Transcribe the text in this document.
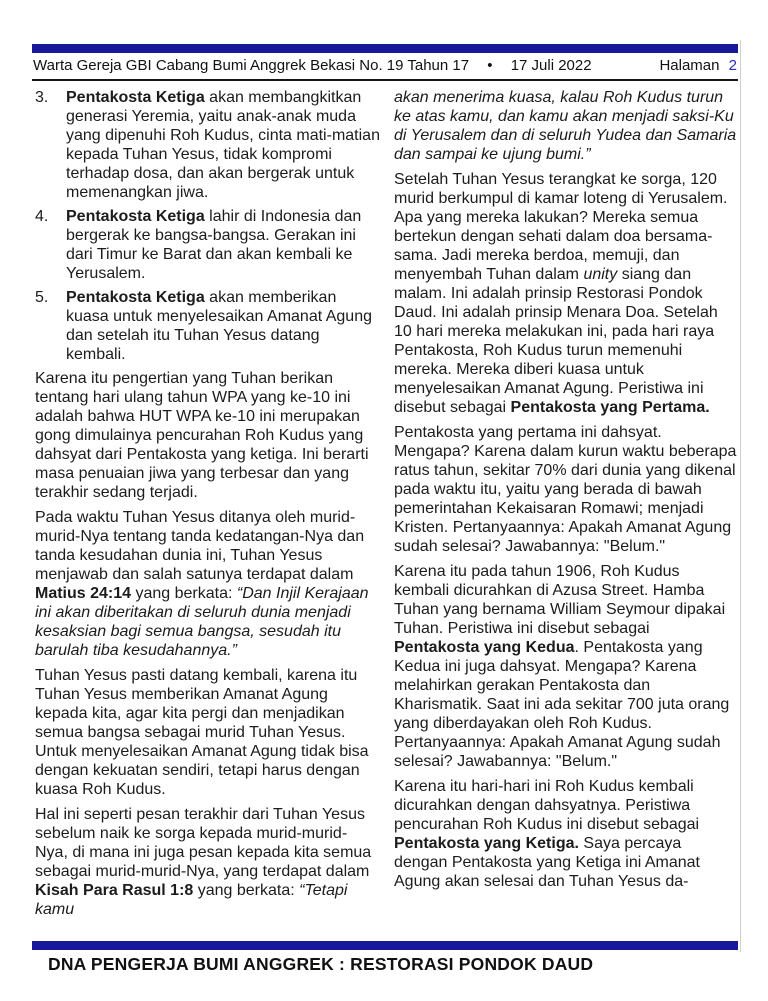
Warta Gereja GBI Cabang Bumi Anggrek Bekasi No. 19 Tahun 17 • 17 Juli 2022	Halaman 2
3.	Pentakosta Ketiga akan membangkitkan generasi Yeremia, yaitu anak-anak muda yang dipenuhi Roh Kudus, cinta mati-matian kepada Tuhan Yesus, tidak kompromi terhadap dosa, dan akan bergerak untuk memenangkan jiwa.
4.	Pentakosta Ketiga lahir di Indonesia dan bergerak ke bangsa-bangsa. Gerakan ini dari Timur ke Barat dan akan kembali ke Yerusalem.
5.	Pentakosta Ketiga akan memberikan kuasa untuk menyelesaikan Amanat Agung dan setelah itu Tuhan Yesus datang kembali.

Karena itu pengertian yang Tuhan berikan tentang hari ulang tahun WPA yang ke-10 ini adalah bahwa HUT WPA ke-10 ini merupakan gong dimulainya pencurahan Roh Kudus yang dahsyat dari Pentakosta yang ketiga. Ini berarti masa penuaian jiwa yang terbesar dan yang terakhir sedang terjadi.

Pada waktu Tuhan Yesus ditanya oleh murid-murid-Nya tentang tanda kedatangan-Nya dan tanda kesudahan dunia ini, Tuhan Yesus menjawab dan salah satunya terdapat dalam Matius 24:14 yang berkata: “Dan Injil Kerajaan ini akan diberitakan di seluruh dunia menjadi kesaksian bagi semua bangsa, sesudah itu barulah tiba kesudahannya.”

Tuhan Yesus pasti datang kembali, karena itu Tuhan Yesus memberikan Amanat Agung kepada kita, agar kita pergi dan menjadikan semua bangsa sebagai murid Tuhan Yesus. Untuk menyelesaikan Amanat Agung tidak bisa dengan kekuatan sendiri, tetapi harus dengan kuasa Roh Kudus.

Hal ini seperti pesan terakhir dari Tuhan Yesus sebelum naik ke sorga kepada murid-murid-Nya, di mana ini juga pesan kepada kita semua sebagai murid-murid-Nya, yang terdapat dalam Kisah Para Rasul 1:8 yang berkata: “Tetapi kamu

akan menerima kuasa, kalau Roh Kudus turun ke atas kamu, dan kamu akan menjadi saksi-Ku di Yerusalem dan di seluruh Yudea dan Samaria dan sampai ke ujung bumi.”

Setelah Tuhan Yesus terangkat ke sorga, 120 murid berkumpul di kamar loteng di Yerusalem. Apa yang mereka lakukan? Mereka semua bertekun dengan sehati dalam doa bersama-sama. Jadi mereka berdoa, memuji, dan menyembah Tuhan dalam unity siang dan malam. Ini adalah prinsip Restorasi Pondok Daud. Ini adalah prinsip Menara Doa. Setelah 10 hari mereka melakukan ini, pada hari raya Pentakosta, Roh Kudus turun memenuhi mereka. Mereka diberi kuasa untuk menyelesaikan Amanat Agung. Peristiwa ini disebut sebagai Pentakosta yang Pertama.

Pentakosta yang pertama ini dahsyat. Mengapa? Karena dalam kurun waktu beberapa ratus tahun, sekitar 70% dari dunia yang dikenal pada waktu itu, yaitu yang berada di bawah pemerintahan Kekaisaran Romawi; menjadi Kristen. Pertanyaannya: Apakah Amanat Agung sudah selesai? Jawabannya: "Belum."

Karena itu pada tahun 1906, Roh Kudus kembali dicurahkan di Azusa Street. Hamba Tuhan yang bernama William Seymour dipakai Tuhan. Peristiwa ini disebut sebagai Pentakosta yang Kedua. Pentakosta yang Kedua ini juga dahsyat. Mengapa? Karena melahirkan gerakan Pentakosta dan Kharismatik. Saat ini ada sekitar 700 juta orang yang diberdayakan oleh Roh Kudus. Pertanyaannya: Apakah Amanat Agung sudah selesai? Jawabannya: "Belum."

Karena itu hari-hari ini Roh Kudus kembali dicurahkan dengan dahsyatnya. Peristiwa pencurahan Roh Kudus ini disebut sebagai Pentakosta yang Ketiga. Saya percaya dengan Pentakosta yang Ketiga ini Amanat Agung akan selesai dan Tuhan Yesus da-

DNA PENGERJA BUMI ANGGREK : RESTORASI PONDOK DAUD
